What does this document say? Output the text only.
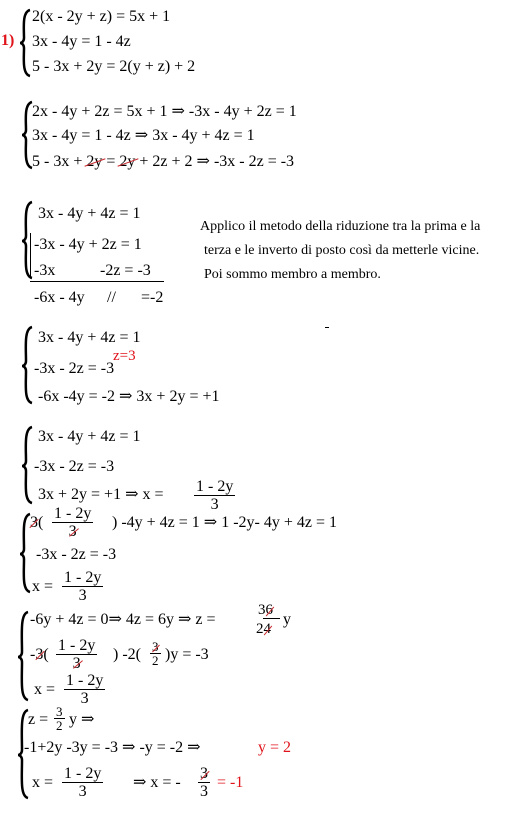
1)
2(x - 2y + z) = 5x + 1
3x - 4y = 1 - 4z
5 - 3x + 2y = 2(y + z) + 2
2x - 4y + 2z = 5x + 1 ⇒ -3x - 4y + 2z = 1
3x - 4y = 1 - 4z ⇒ 3x - 4y + 4z = 1
5 - 3x + 2y = 2y + 2z + 2 ⇒ -3x - 2z = -3
3x - 4y + 4z = 1
-3x - 4y + 2z = 1
-3x	-2z = -3
-6x - 4y // =-2
Applico il metodo della riduzione tra la prima e la
terza e le inverto di posto così da metterle vicine.
Poi sommo membro a membro.
3x - 4y + 4z = 1
z=3
-3x - 2z = -3
-6x -4y = -2 ⇒ 3x + 2y = +1
3x - 4y + 4z = 1
-3x - 2z = -3
3x + 2y = +1 ⇒ $x = \frac{1 - 2y}{3}$
3
( $\frac{1 - 2y}{3}$ ) -4y + 4z = 1 ⇒ 1 -2y- 4y + 4z = 1
-3x - 2z = -3
$x = \frac{1 - 2y}{3}$
-6y + 4z = 0⇒ 4z = 6y ⇒ z =
36
24
y
-3
( $\frac{1 - 2y}{3}$ ) $-2( \frac{3}{2} )y = -3$
$x = \frac{1 - 2y}{3}$
$z = \frac{3}{2}$ y ⇒
-1+2y -3y = -3 ⇒ -y = -2 ⇒	y = 2
$x = \frac{1 - 2y}{3}$ ⇒ x = - $\frac{3}{3} = -1$
